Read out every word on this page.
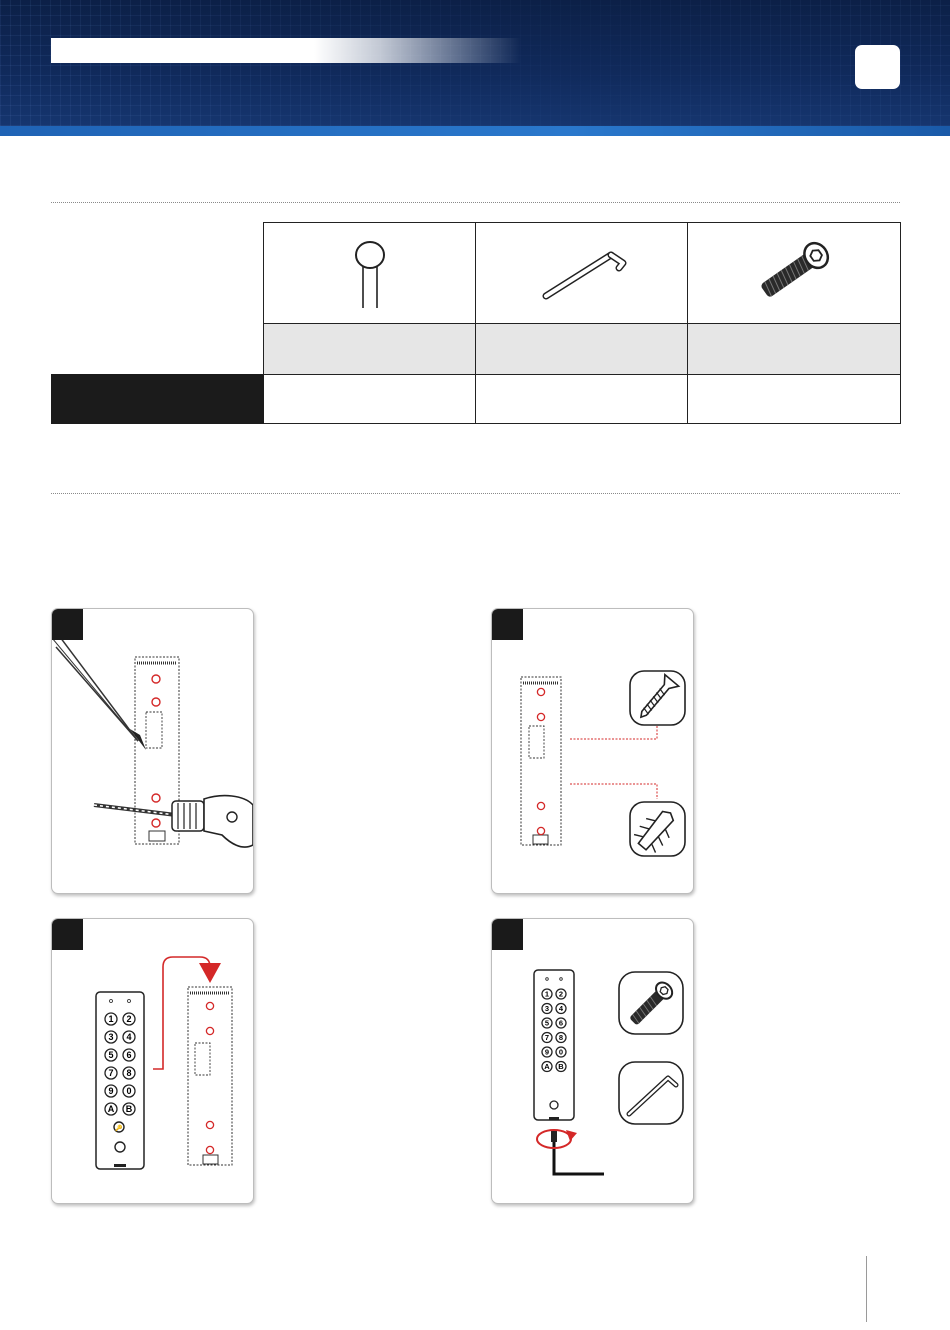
1 2
3 4
5 6
7 8
9 0
A B
🔑
1 2
3 4
5 6
7 8
9 0
A B
